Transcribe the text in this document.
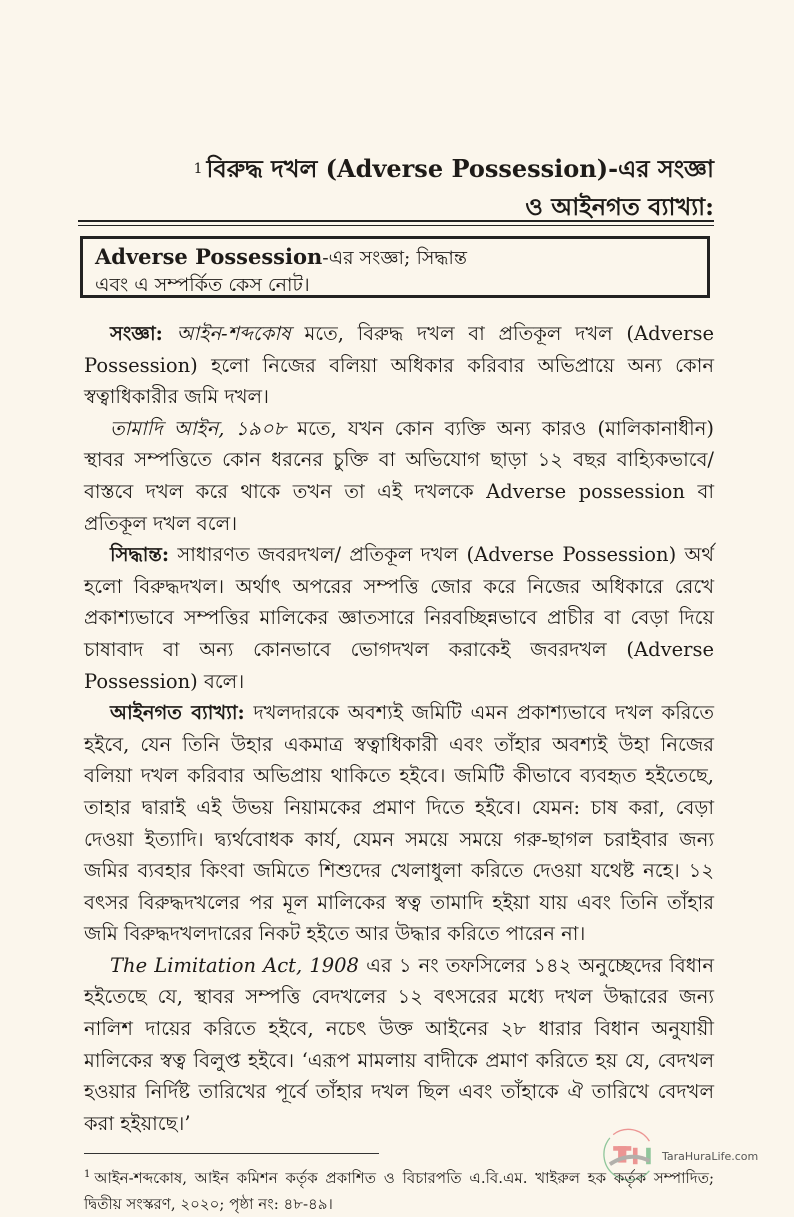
$^1$ বিরুদ্ধ দখল (Adverse Possession)-এর সংজ্ঞা
ও আইনগত ব্যাখ্যা:
Adverse Possession-এর সংজ্ঞা; সিদ্ধান্ত
এবং এ সম্পর্কিত কেস নোট।

সংজ্ঞা: আইন-শব্দকোষ মতে, বিরুদ্ধ দখল বা প্রতিকূল দখল (Adverse Possession) হলো নিজের বলিয়া অধিকার করিবার অভিপ্রায়ে অন্য কোন স্বত্বাধিকারীর জমি দখল।

তামাদি আইন, ১৯০৮ মতে, যখন কোন ব্যক্তি অন্য কারও (মালিকানাধীন) স্থাবর সম্পত্তিতে কোন ধরনের চুক্তি বা অভিযোগ ছাড়া ১২ বছর বাহ্যিকভাবে/ বাস্তবে দখল করে থাকে তখন তা এই দখলকে Adverse possession বা প্রতিকূল দখল বলে।

সিদ্ধান্ত: সাধারণত জবরদখল/ প্রতিকূল দখল (Adverse Possession) অর্থ হলো বিরুদ্ধদখল। অর্থাৎ অপরের সম্পত্তি জোর করে নিজের অধিকারে রেখে প্রকাশ্যভাবে সম্পত্তির মালিকের জ্ঞাতসারে নিরবচ্ছিন্নভাবে প্রাচীর বা বেড়া দিয়ে চাষাবাদ বা অন্য কোনভাবে ভোগদখল করাকেই জবরদখল (Adverse Possession) বলে।

আইনগত ব্যাখ্যা: দখলদারকে অবশ্যই জমিটি এমন প্রকাশ্যভাবে দখল করিতে হইবে, যেন তিনি উহার একমাত্র স্বত্বাধিকারী এবং তাঁহার অবশ্যই উহা নিজের বলিয়া দখল করিবার অভিপ্রায় থাকিতে হইবে। জমিটি কীভাবে ব্যবহৃত হইতেছে, তাহার দ্বারাই এই উভয় নিয়ামকের প্রমাণ দিতে হইবে। যেমন: চাষ করা, বেড়া দেওয়া ইত্যাদি। দ্ব্যর্থবোধক কার্য, যেমন সময়ে সময়ে গরু-ছাগল চরাইবার জন্য জমির ব্যবহার কিংবা জমিতে শিশুদের খেলাধুলা করিতে দেওয়া যথেষ্ট নহে। ১২ বৎসর বিরুদ্ধদখলের পর মূল মালিকের স্বত্ব তামাদি হইয়া যায় এবং তিনি তাঁহার জমি বিরুদ্ধদখলদারের নিকট হইতে আর উদ্ধার করিতে পারেন না।

The Limitation Act, 1908 এর ১ নং তফসিলের ১৪২ অনুচ্ছেদের বিধান হইতেছে যে, স্থাবর সম্পত্তি বেদখলের ১২ বৎসরের মধ্যে দখল উদ্ধারের জন্য নালিশ দায়ের করিতে হইবে, নচেৎ উক্ত আইনের ২৮ ধারার বিধান অনুযায়ী মালিকের স্বত্ব বিলুপ্ত হইবে। ‘এরূপ মামলায় বাদীকে প্রমাণ করিতে হয় যে, বেদখল হওয়ার নির্দিষ্ট তারিখের পূর্বে তাঁহার দখল ছিল এবং তাঁহাকে ঐ তারিখে বেদখল করা হইয়াছে।’

$^1$ আইন-শব্দকোষ, আইন কমিশন কর্তৃক প্রকাশিত ও বিচারপতি এ.বি.এম. খাইরুল হক কর্তৃক সম্পাদিত; দ্বিতীয় সংস্করণ, ২০২০; পৃষ্ঠা নং: ৪৮-৪৯।
TaraHuraLife.com
